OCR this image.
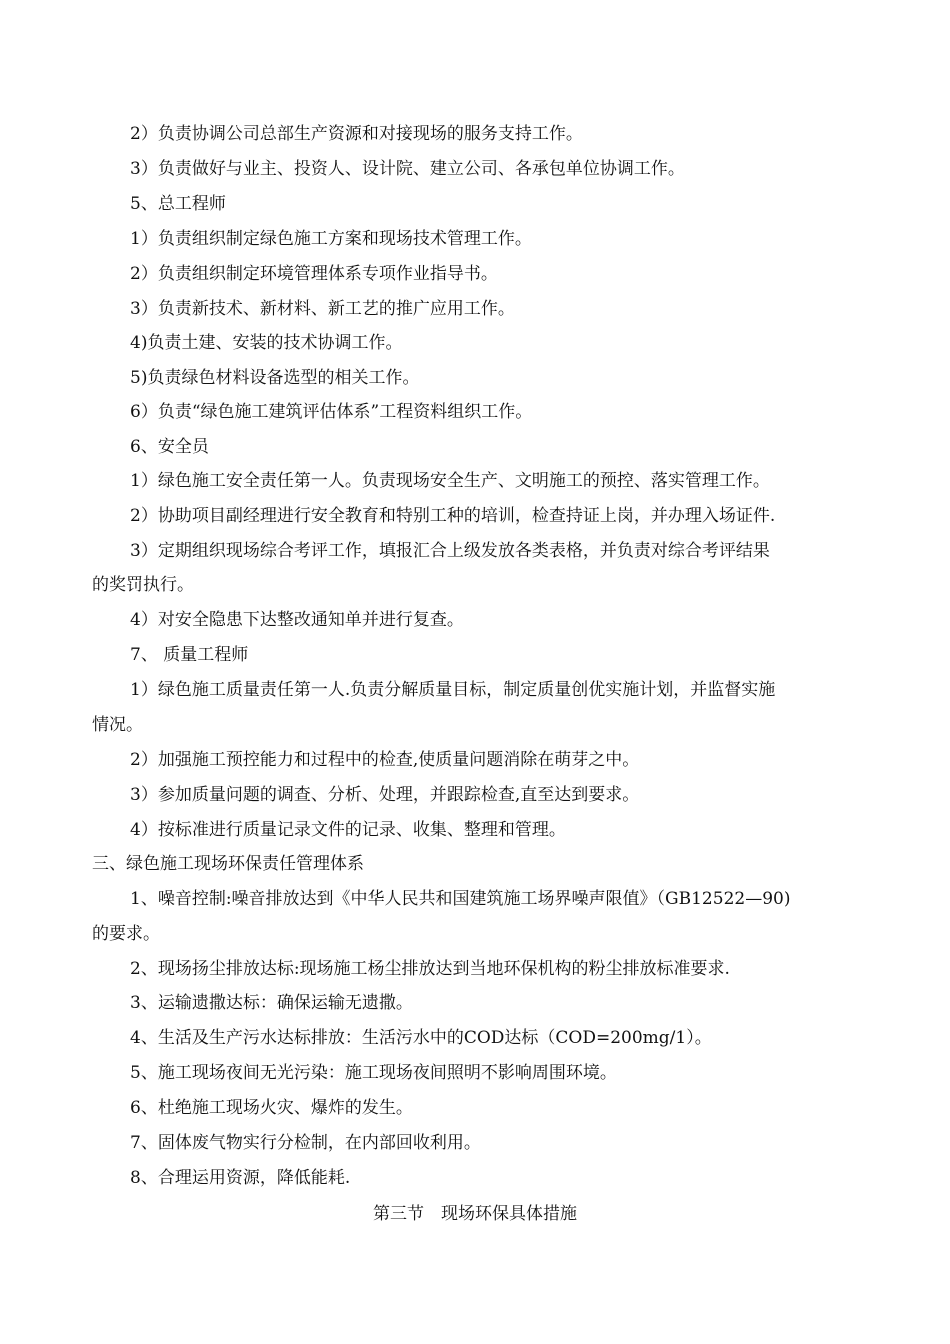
2）负责协调公司总部生产资源和对接现场的服务支持工作。
3）负责做好与业主、投资人、设计院、建立公司、各承包单位协调工作。
5、总工程师
1）负责组织制定绿色施工方案和现场技术管理工作。
2）负责组织制定环境管理体系专项作业指导书。
3）负责新技术、新材料、新工艺的推广应用工作。
4)负责土建、安装的技术协调工作。
5)负责绿色材料设备选型的相关工作。
6）负责“绿色施工建筑评估体系”工程资料组织工作。
6、安全员
1）绿色施工安全责任第一人。负责现场安全生产、文明施工的预控、落实管理工作。
2）协助项目副经理进行安全教育和特别工种的培训，检查持证上岗，并办理入场证件.
3）定期组织现场综合考评工作，填报汇合上级发放各类表格，并负责对综合考评结果
的奖罚执行。
4）对安全隐患下达整改通知单并进行复查。
7、 质量工程师
1）绿色施工质量责任第一人.负责分解质量目标，制定质量创优实施计划，并监督实施
情况。
2）加强施工预控能力和过程中的检查,使质量问题消除在萌芽之中。
3）参加质量问题的调查、分析、处理，并跟踪检查,直至达到要求。
4）按标准进行质量记录文件的记录、收集、整理和管理。
三、绿色施工现场环保责任管理体系
1、噪音控制:噪音排放达到《中华人民共和国建筑施工场界噪声限值》（GB12522—90)
的要求。
2、现场扬尘排放达标:现场施工杨尘排放达到当地环保机构的粉尘排放标准要求.
3、运输遗撒达标：确保运输无遗撒。
4、生活及生产污水达标排放：生活污水中的COD达标（COD=200mg/1）。
5、施工现场夜间无光污染：施工现场夜间照明不影响周围环境。
6、杜绝施工现场火灾、爆炸的发生。
7、固体废气物实行分检制，在内部回收利用。
8、合理运用资源，降低能耗.
第三节　现场环保具体措施
